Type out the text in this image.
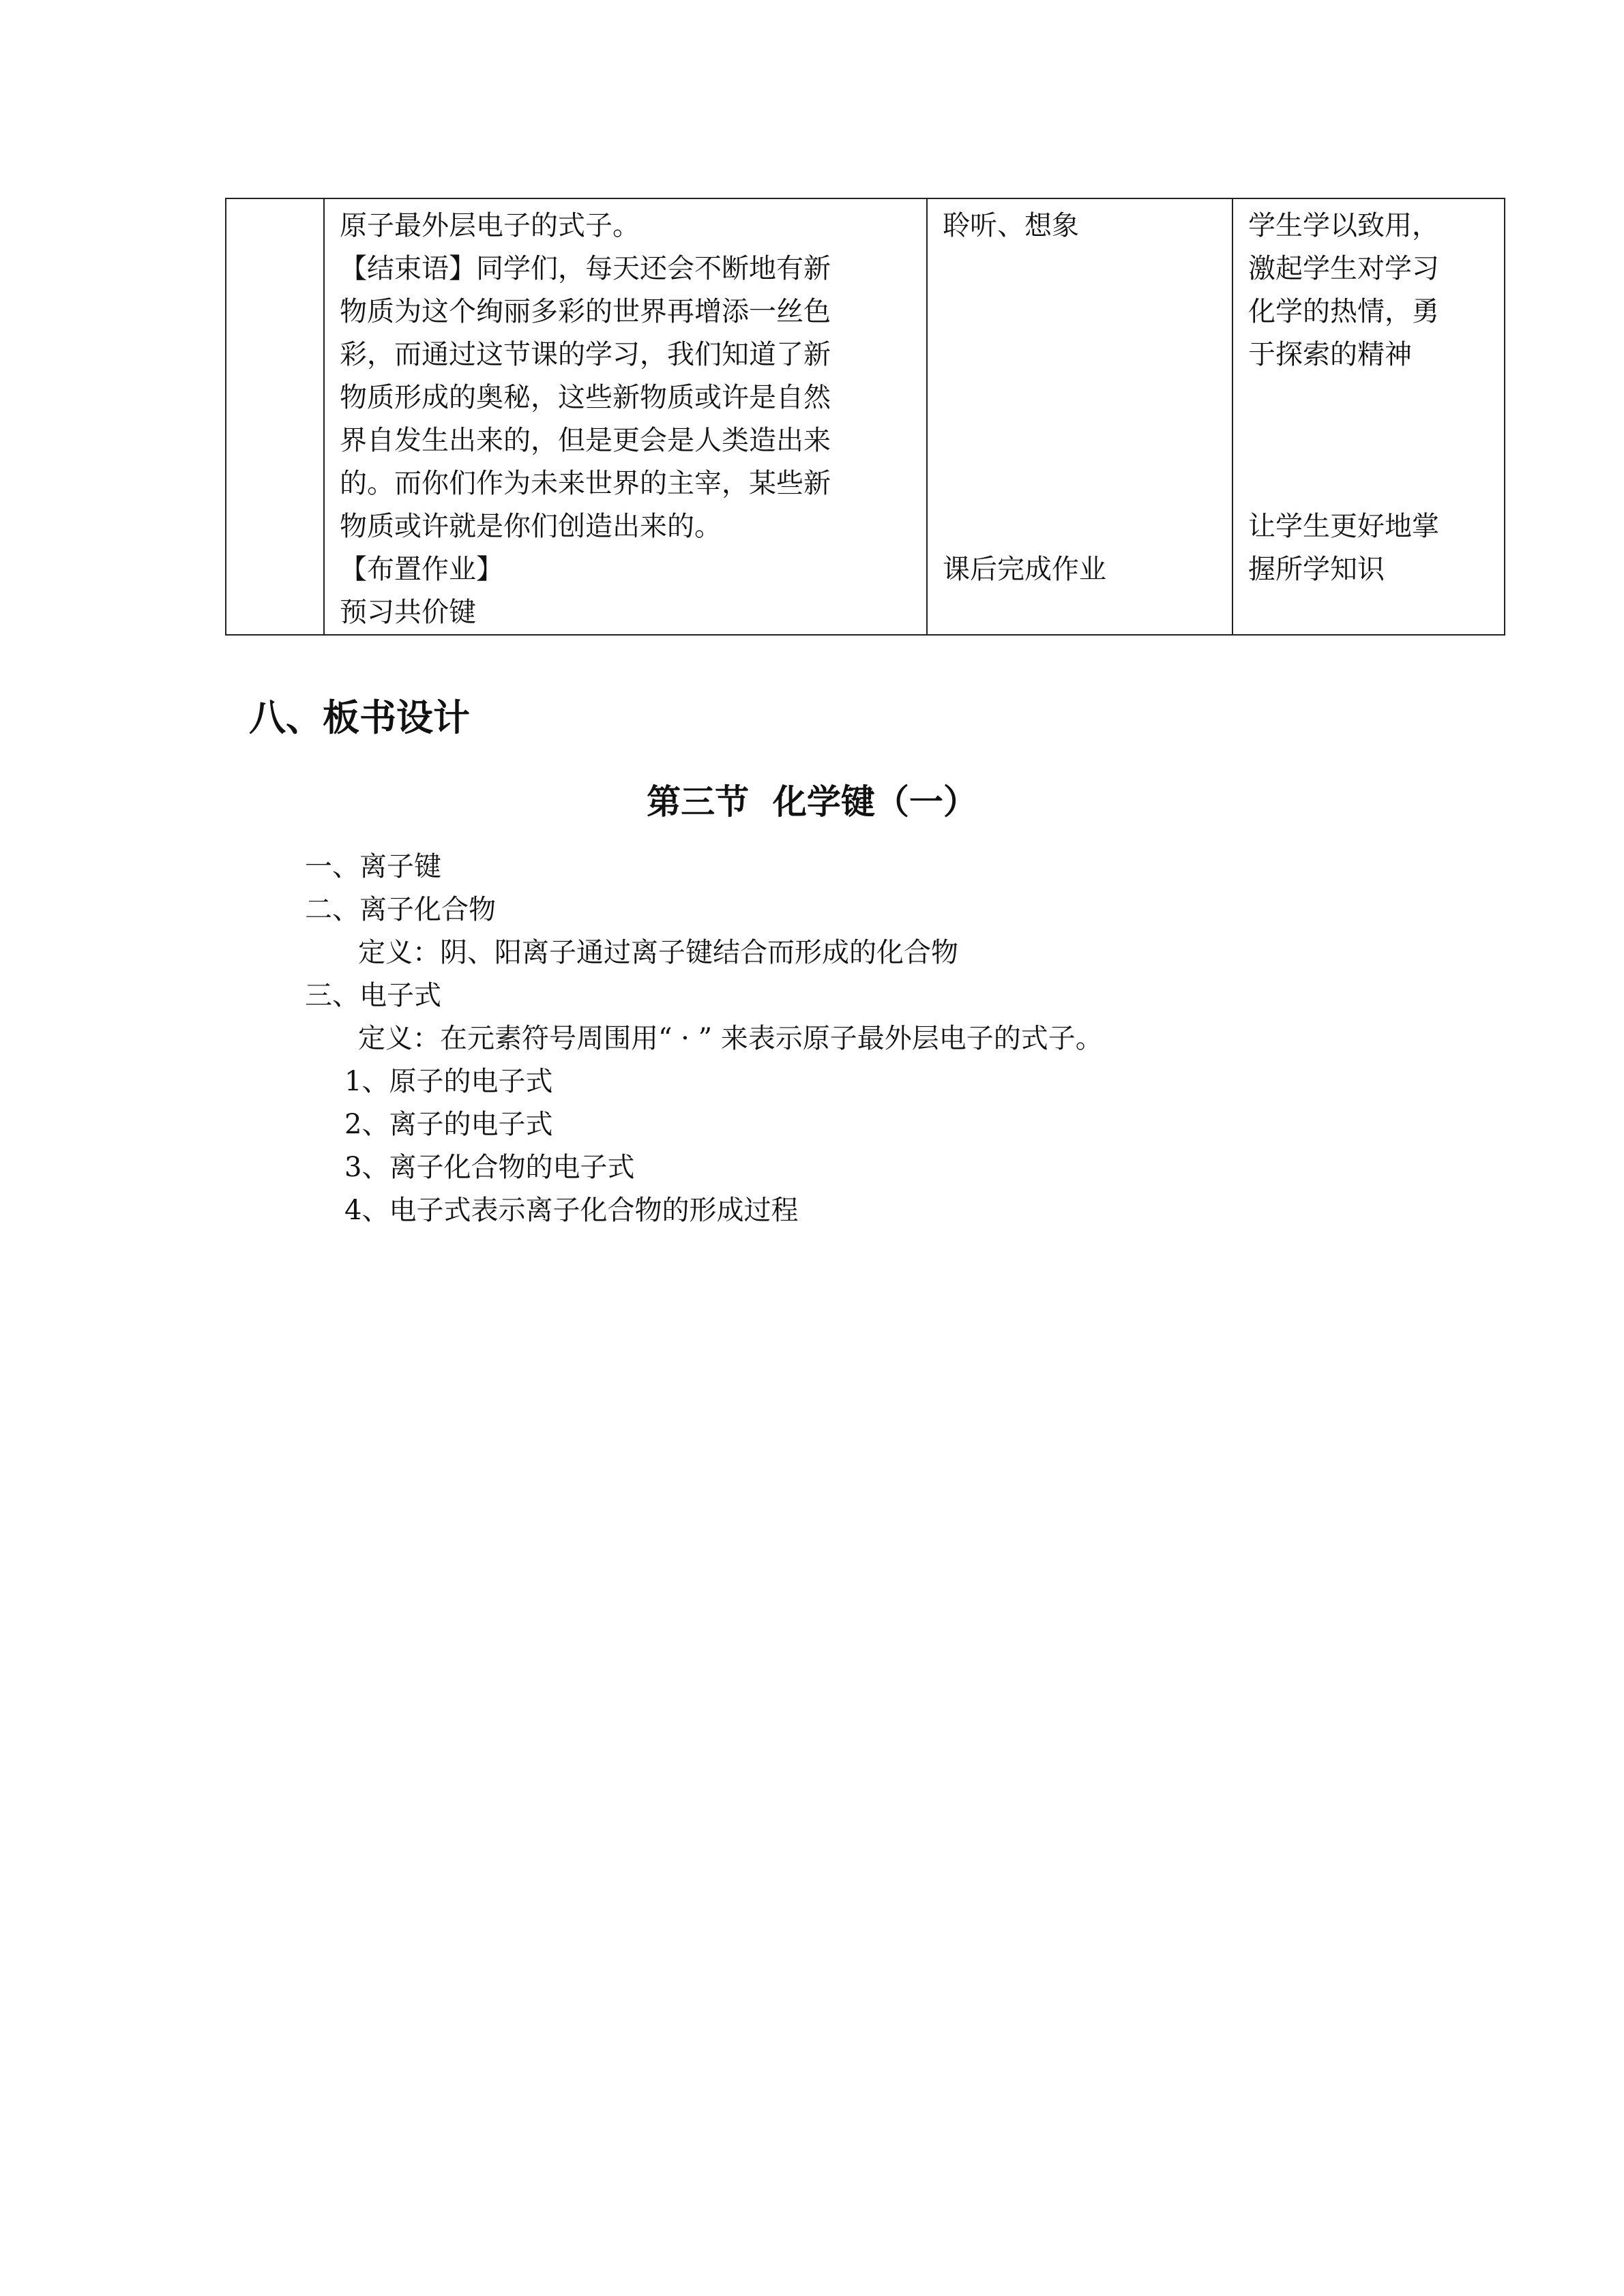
原子最外层电子的式子。
【结束语】同学们，每天还会不断地有新
物质为这个绚丽多彩的世界再增添一丝色
彩，而通过这节课的学习，我们知道了新
物质形成的奥秘，这些新物质或许是自然
界自发生出来的，但是更会是人类造出来
的。而你们作为未来世界的主宰，某些新
物质或许就是你们创造出来的。
【布置作业】
预习共价键

聆听、想象
课后完成作业

学生学以致用，
激起学生对学习
化学的热情，勇
于探索的精神
让学生更好地掌
握所学知识
八、板书设计
第三节  化学键（一）
一、离子键
二、离子化合物
定义：阴、阳离子通过离子键结合而形成的化合物
三、电子式
定义：在元素符号周围用“ · ” 来表示原子最外层电子的式子。
1、原子的电子式
2、离子的电子式
3、离子化合物的电子式
4、电子式表示离子化合物的形成过程
